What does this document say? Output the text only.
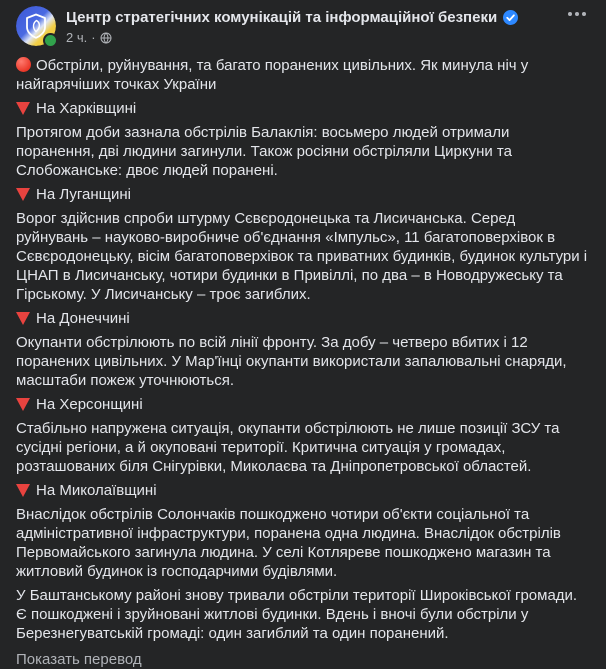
Центр стратегічних комунікацій та інформаційної безпеки
2 ч. ·
Обстріли, руйнування, та багато поранених цивільних. Як минула ніч у найгарячіших точках України
На Харківщині
Протягом доби зазнала обстрілів Балаклія: восьмеро людей отримали поранення, дві людини загинули. Також росіяни обстріляли Циркуни та Слобожанське: двоє людей поранені.
На Луганщині
Ворог здійснив спроби штурму Сєвєродонецька та Лисичанська. Серед руйнувань – науково-виробниче об'єднання «Імпульс», 11 багатоповерхівок в Сєвєродонецьку, вісім багатоповерхівок та приватних будинків, будинок культури і ЦНАП в Лисичанську, чотири будинки в Привіллі, по два – в Новодружеську та Гірському. У Лисичанську – троє загиблих.
На Донеччині
Окупанти обстрілюють по всій лінії фронту. За добу – четверо вбитих і 12 поранених цивільних. У Мар'їнці окупанти використали запалювальні снаряди, масштаби пожеж уточнюються.
На Херсонщині
Стабільно напружена ситуація, окупанти обстрілюють не лише позиції ЗСУ та сусідні регіони, а й окуповані території. Критична ситуація у громадах, розташованих біля Снігурівки, Миколаєва та Дніпропетровської областей.
На Миколаївщині
Внаслідок обстрілів Солончаків пошкоджено чотири об'єкти соціальної та адміністративної інфраструктури, поранена одна людина. Внаслідок обстрілів Первомайського загинула людина. У селі Котляреве пошкоджено магазин та житловий будинок із господарчими будівлями.
У Баштанському районі знову тривали обстріли території Широківської громади. Є пошкоджені і зруйновані житлові будинки. Вдень і вночі були обстріли у Березнегуватській громаді: один загиблий та один поранений.
Показать перевод
